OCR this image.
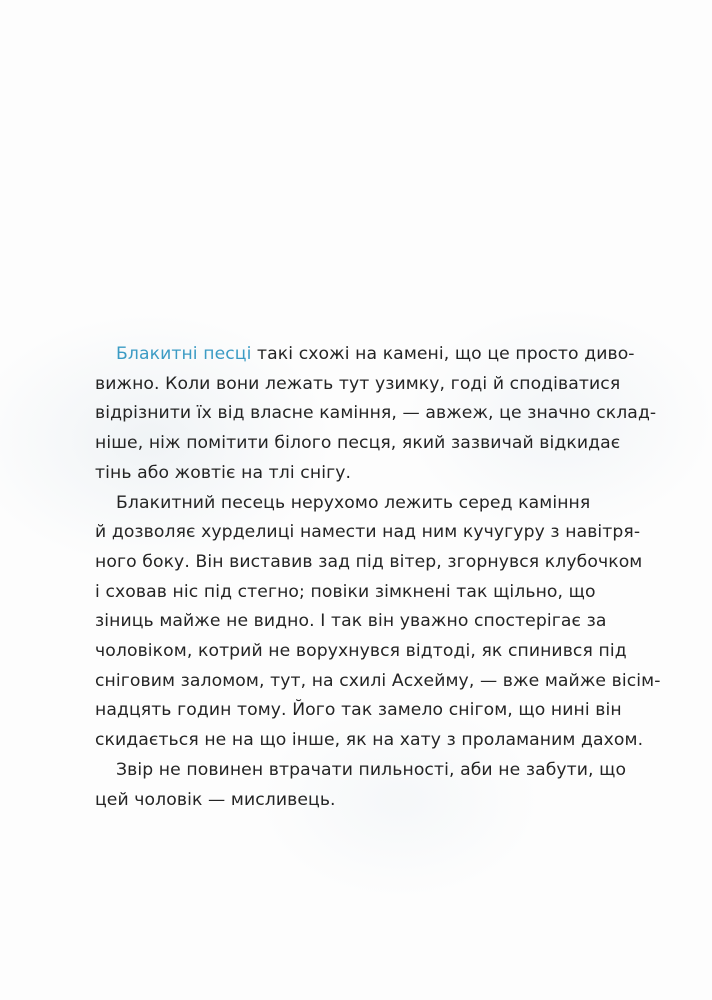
Блакитні песці такі схожі на камені, що це просто диво-
вижно. Коли вони лежать тут узимку, годі й сподіватися
відрізнити їх від власне каміння, — авжеж, це значно склад-
ніше, ніж помітити білого песця, який зазвичай відкидає
тінь або жовтіє на тлі снігу.
Блакитний песець нерухомо лежить серед каміння
й дозволяє хурделиці намести над ним кучугуру з навітря-
ного боку. Він виставив зад під вітер, згорнувся клубочком
і сховав ніс під стегно; повіки зімкнені так щільно, що
зіниць майже не видно. І так він уважно спостерігає за
чоловіком, котрий не ворухнувся відтоді, як спинився під
сніговим заломом, тут, на схилі Асхейму, — вже майже вісім-
надцять годин тому. Його так замело снігом, що нині він
скидається не на що інше, як на хату з проламаним дахом.
Звір не повинен втрачати пильності, аби не забути, що
цей чоловік — мисливець.
